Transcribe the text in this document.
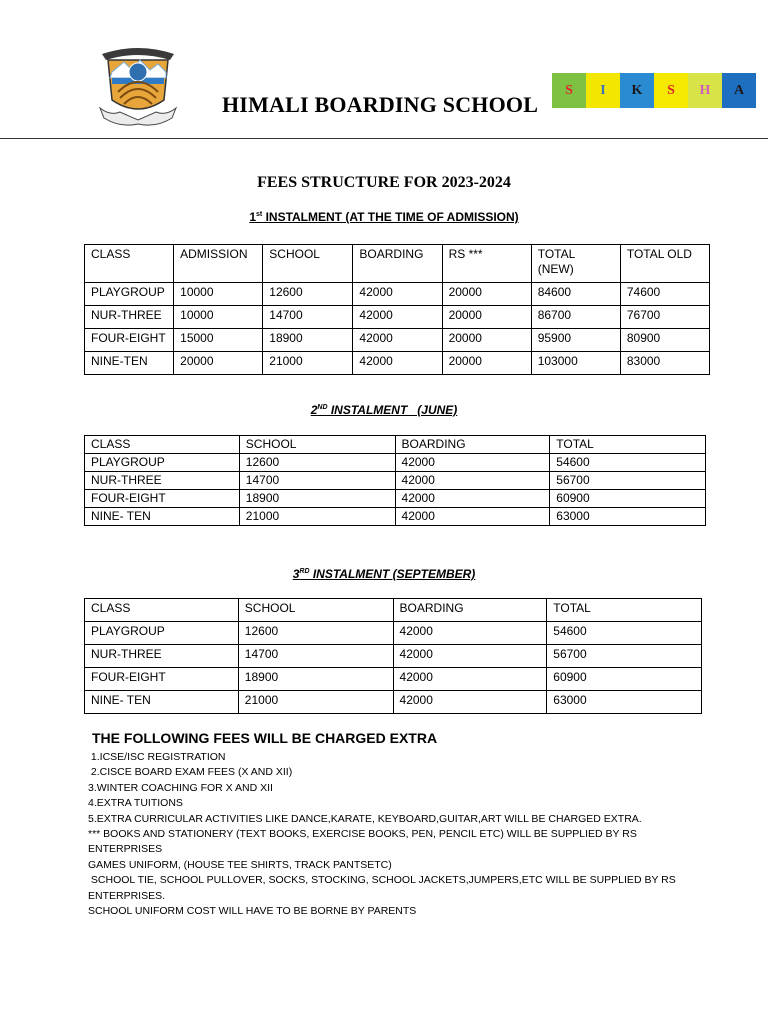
HIMALI BOARDING SCHOOL
S	I	K	S	H	A
FEES STRUCTURE FOR 2023-2024
1st INSTALMENT (AT THE TIME OF ADMISSION)
CLASS	ADMISSION	SCHOOL	BOARDING	RS ***	TOTAL (NEW)	TOTAL OLD
PLAYGROUP	10000	12600	42000	20000	84600	74600
NUR-THREE	10000	14700	42000	20000	86700	76700
FOUR-EIGHT	15000	18900	42000	20000	95900	80900
NINE-TEN	20000	21000	42000	20000	103000	83000
2ND INSTALMENT   (JUNE)
CLASS	SCHOOL	BOARDING	TOTAL
PLAYGROUP	12600	42000	54600
NUR-THREE	14700	42000	56700
FOUR-EIGHT	18900	42000	60900
NINE- TEN	21000	42000	63000
3RD INSTALMENT (SEPTEMBER)
CLASS	SCHOOL	BOARDING	TOTAL
PLAYGROUP	12600	42000	54600
NUR-THREE	14700	42000	56700
FOUR-EIGHT	18900	42000	60900
NINE- TEN	21000	42000	63000
THE FOLLOWING FEES WILL BE CHARGED EXTRA
1.ICSE/ISC REGISTRATION
2.CISCE BOARD EXAM FEES (X AND XII)
3.WINTER COACHING FOR X AND XII
4.EXTRA TUITIONS
5.EXTRA CURRICULAR ACTIVITIES LIKE DANCE,KARATE, KEYBOARD,GUITAR,ART WILL BE CHARGED EXTRA.
*** BOOKS AND STATIONERY (TEXT BOOKS, EXERCISE BOOKS, PEN, PENCIL ETC) WILL BE SUPPLIED BY RS
ENTERPRISES
GAMES UNIFORM, (HOUSE TEE SHIRTS, TRACK PANTSETC)
SCHOOL TIE, SCHOOL PULLOVER, SOCKS, STOCKING, SCHOOL JACKETS,JUMPERS,ETC WILL BE SUPPLIED BY RS
ENTERPRISES.
SCHOOL UNIFORM COST WILL HAVE TO BE BORNE BY PARENTS
